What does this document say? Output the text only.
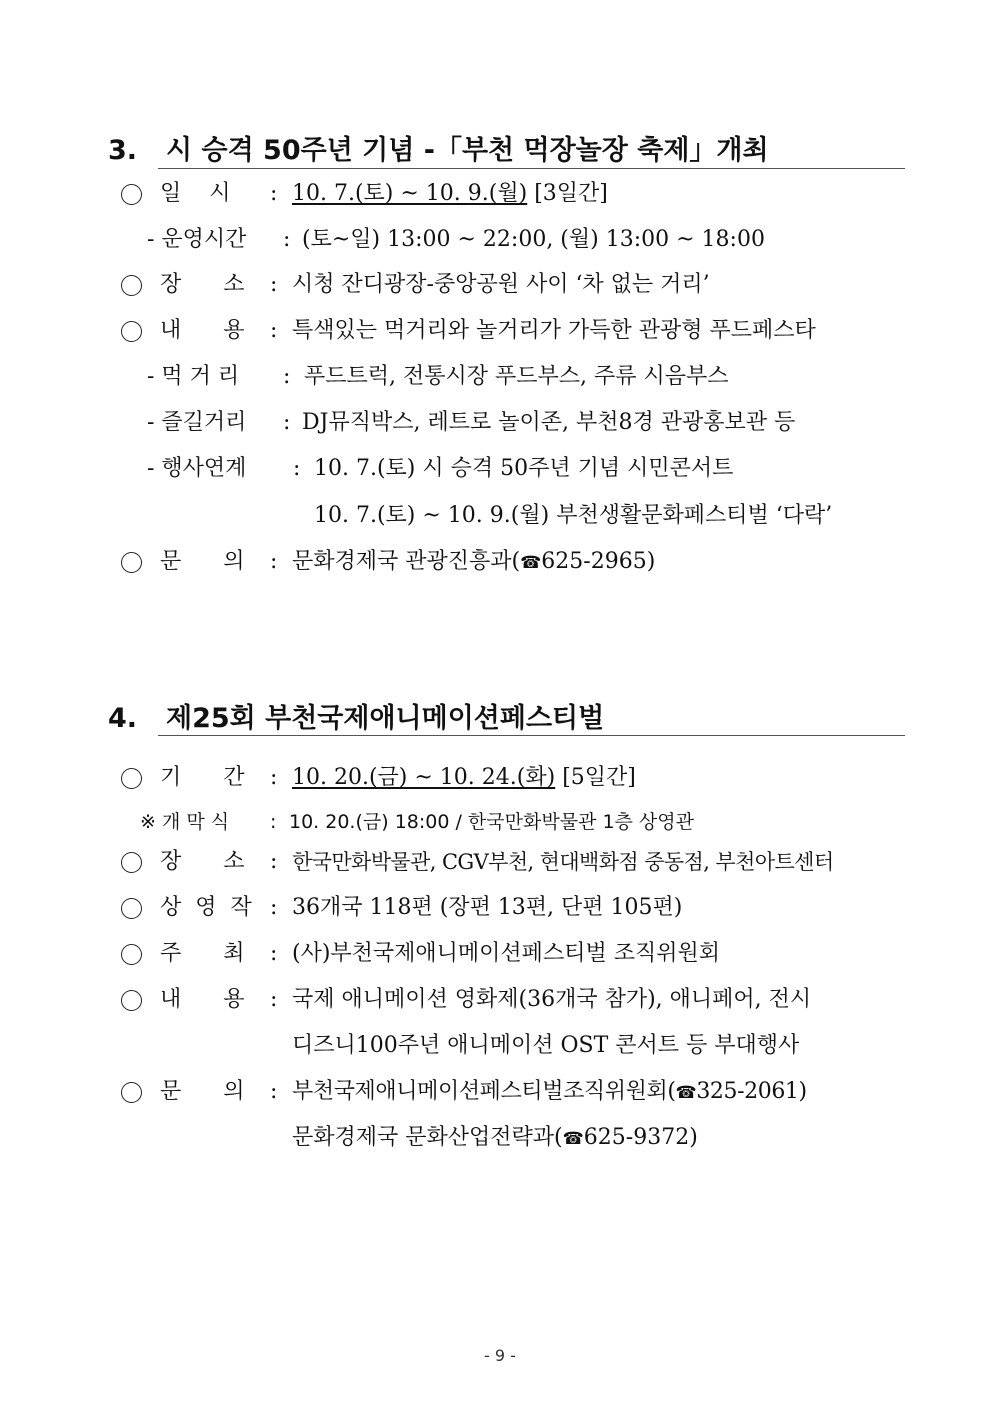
3. 시 승격 50주년 기념 -「부천 먹장놀장 축제」개최
일    시 : 10. 7.(토) ~ 10. 9.(월) [3일간]
- 운영시간 : (토~일) 13:00 ~ 22:00, (월) 13:00 ~ 18:00
장      소 : 시청 잔디광장-중앙공원 사이 ‘차 없는 거리’
내      용 : 특색있는 먹거리와 놀거리가 가득한 관광형 푸드페스타
- 먹 거 리 : 푸드트럭, 전통시장 푸드부스, 주류 시음부스
- 즐길거리 : DJ뮤직박스, 레트로 놀이존, 부천8경 관광홍보관 등
- 행사연계 : 10. 7.(토) 시 승격 50주년 기념 시민콘서트
10. 7.(토) ~ 10. 9.(월) 부천생활문화페스티벌 ‘다락’
문      의 : 문화경제국 관광진흥과(☎625-2965)
4. 제25회 부천국제애니메이션페스티벌
기      간 : 10. 20.(금) ~ 10. 24.(화) [5일간]
※ 개 막 식 : 10. 20.(금) 18:00 / 한국만화박물관 1층 상영관
장      소 : 한국만화박물관, CGV부천, 현대백화점 중동점, 부천아트센터
상  영  작 : 36개국 118편 (장편 13편, 단편 105편)
주      최 : (사)부천국제애니메이션페스티벌 조직위원회
내      용 : 국제 애니메이션 영화제(36개국 참가), 애니페어, 전시
디즈니100주년 애니메이션 OST 콘서트 등 부대행사
문      의 : 부천국제애니메이션페스티벌조직위원회(☎325-2061)
문화경제국 문화산업전략과(☎625-9372)
- 9 -
